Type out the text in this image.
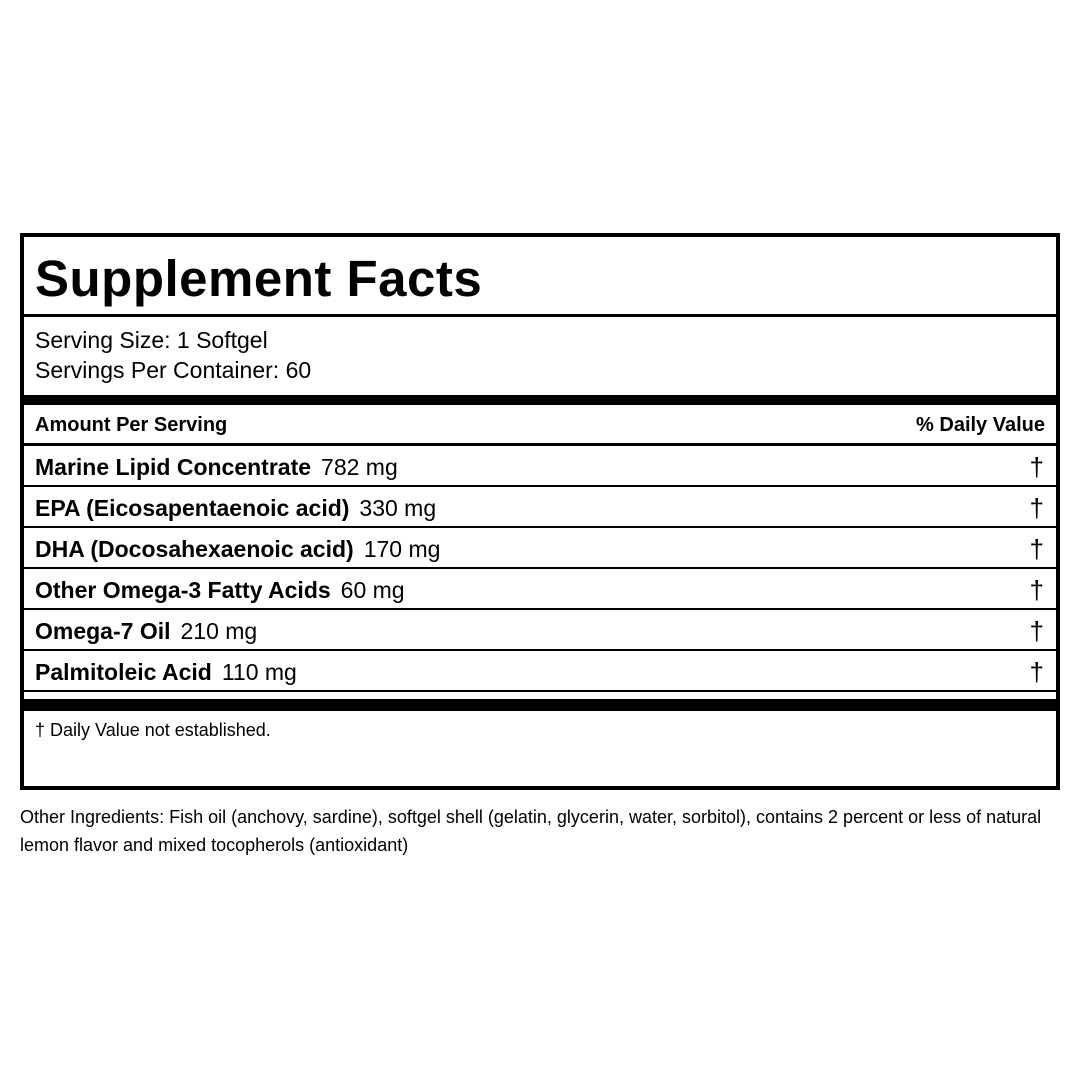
Supplement Facts
Serving Size: 1 Softgel
Servings Per Container: 60
Amount Per Serving	% Daily Value
Marine Lipid Concentrate 782 mg	†
EPA (Eicosapentaenoic acid) 330 mg	†
DHA (Docosahexaenoic acid) 170 mg	†
Other Omega-3 Fatty Acids 60 mg	†
Omega-7 Oil 210 mg	†
Palmitoleic Acid 110 mg	†
† Daily Value not established.
Other Ingredients: Fish oil (anchovy, sardine), softgel shell (gelatin, glycerin, water, sorbitol), contains 2 percent or less of natural lemon flavor and mixed tocopherols (antioxidant)
